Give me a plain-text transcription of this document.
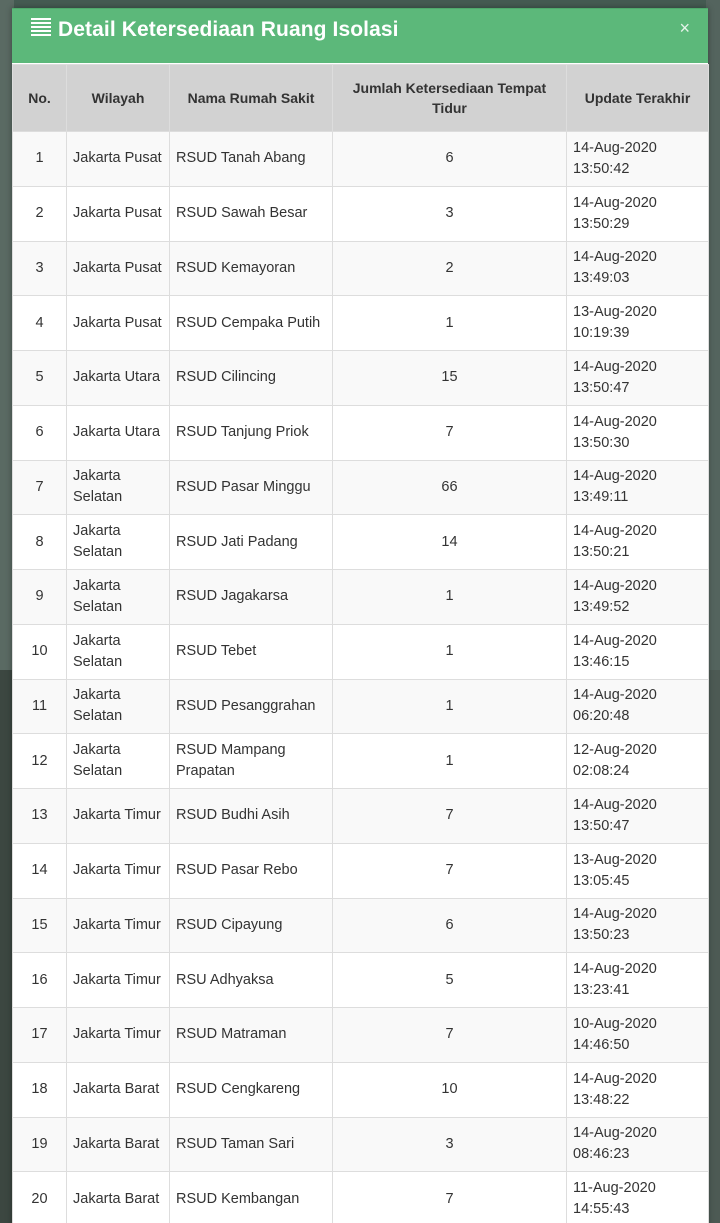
Detail Ketersediaan Ruang Isolasi	×
No.	Wilayah	Nama Rumah Sakit	Jumlah Ketersediaan Tempat Tidur	Update Terakhir
1	Jakarta Pusat	RSUD Tanah Abang	6	14-Aug-2020 13:50:42
2	Jakarta Pusat	RSUD Sawah Besar	3	14-Aug-2020 13:50:29
3	Jakarta Pusat	RSUD Kemayoran	2	14-Aug-2020 13:49:03
4	Jakarta Pusat	RSUD Cempaka Putih	1	13-Aug-2020 10:19:39
5	Jakarta Utara	RSUD Cilincing	15	14-Aug-2020 13:50:47
6	Jakarta Utara	RSUD Tanjung Priok	7	14-Aug-2020 13:50:30
7	Jakarta Selatan	RSUD Pasar Minggu	66	14-Aug-2020 13:49:11
8	Jakarta Selatan	RSUD Jati Padang	14	14-Aug-2020 13:50:21
9	Jakarta Selatan	RSUD Jagakarsa	1	14-Aug-2020 13:49:52
10	Jakarta Selatan	RSUD Tebet	1	14-Aug-2020 13:46:15
11	Jakarta Selatan	RSUD Pesanggrahan	1	14-Aug-2020 06:20:48
12	Jakarta Selatan	RSUD Mampang Prapatan	1	12-Aug-2020 02:08:24
13	Jakarta Timur	RSUD Budhi Asih	7	14-Aug-2020 13:50:47
14	Jakarta Timur	RSUD Pasar Rebo	7	13-Aug-2020 13:05:45
15	Jakarta Timur	RSUD Cipayung	6	14-Aug-2020 13:50:23
16	Jakarta Timur	RSU Adhyaksa	5	14-Aug-2020 13:23:41
17	Jakarta Timur	RSUD Matraman	7	10-Aug-2020 14:46:50
18	Jakarta Barat	RSUD Cengkareng	10	14-Aug-2020 13:48:22
19	Jakarta Barat	RSUD Taman Sari	3	14-Aug-2020 08:46:23
20	Jakarta Barat	RSUD Kembangan	7	11-Aug-2020 14:55:43
